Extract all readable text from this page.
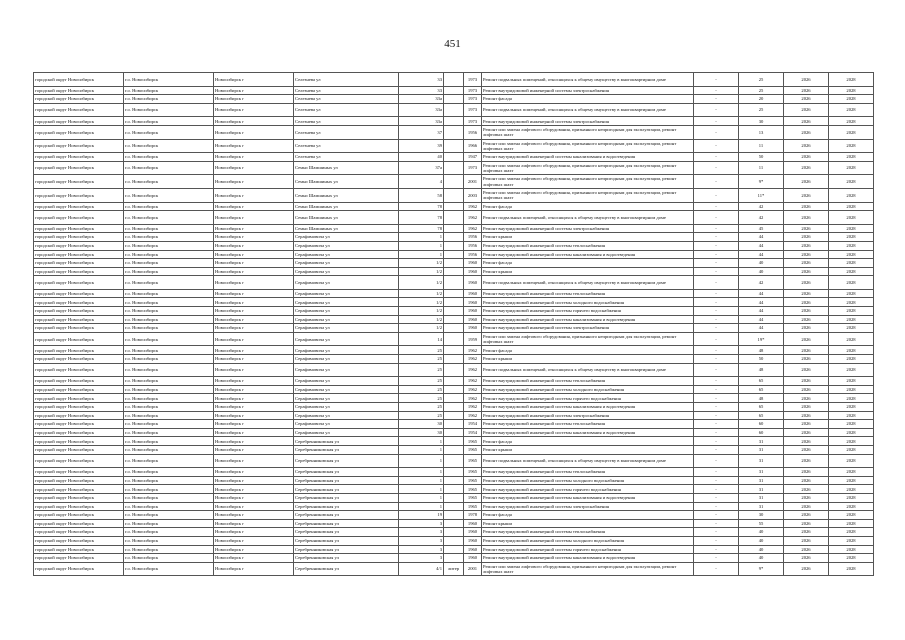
451
городской округ Новосибирск	г.о. Новосибирск	Новосибирск г	Селезнева ул	33		1973	Ремонт подвальных помещений, относящихся к общему имуществу в многоквартирном доме	-	25	2026	2028
городской округ Новосибирск	г.о. Новосибирск	Новосибирск г	Селезнева ул	33		1973	Ремонт внутридомовой инженерной системы электроснабжения	-	25	2026	2028
городской округ Новосибирск	г.о. Новосибирск	Новосибирск г	Селезнева ул	33а		1973	Ремонт фасада	-	20	2026	2028
городской округ Новосибирск	г.о. Новосибирск	Новосибирск г	Селезнева ул	33а		1973	Ремонт подвальных помещений, относящихся к общему имуществу в многоквартирном доме	-	25	2026	2028
городской округ Новосибирск	г.о. Новосибирск	Новосибирск г	Селезнева ул	33а		1973	Ремонт внутридомовой инженерной системы электроснабжения	-	30	2026	2028
городской округ Новосибирск	г.о. Новосибирск	Новосибирск г	Селезнева ул	37		1956	Ремонт или замена лифтового оборудования, признанного непригодным для эксплуатации, ремонт лифтовых шахт	-	13	2026	2028
городской округ Новосибирск	г.о. Новосибирск	Новосибирск г	Селезнева ул	39		1966	Ремонт или замена лифтового оборудования, признанного непригодным для эксплуатации, ремонт лифтовых шахт	-	11	2026	2028
городской округ Новосибирск	г.о. Новосибирск	Новосибирск г	Селезнева ул	40		1947	Ремонт внутридомовой инженерной системы канализования и водоотведения	-	50	2026	2028
городской округ Новосибирск	г.о. Новосибирск	Новосибирск г	Семьи Шамшиных ул	37а		1973	Ремонт или замена лифтового оборудования, признанного непригодным для эксплуатации, ремонт лифтовых шахт	-	11	2026	2028
городской округ Новосибирск	г.о. Новосибирск	Новосибирск г	Семьи Шамшиных ул	4		2001	Ремонт или замена лифтового оборудования, признанного непригодным для эксплуатации, ремонт лифтовых шахт	-	9*	2026	2028
городской округ Новосибирск	г.о. Новосибирск	Новосибирск г	Семьи Шамшиных ул	58		2003	Ремонт или замена лифтового оборудования, признанного непригодным для эксплуатации, ремонт лифтовых шахт	-	11*	2026	2028
городской округ Новосибирск	г.о. Новосибирск	Новосибирск г	Семьи Шамшиных ул	78		1962	Ремонт фасада	-	42	2026	2028
городской округ Новосибирск	г.о. Новосибирск	Новосибирск г	Семьи Шамшиных ул	78		1962	Ремонт подвальных помещений, относящихся к общему имуществу в многоквартирном доме	-	42	2026	2028
городской округ Новосибирск	г.о. Новосибирск	Новосибирск г	Семьи Шамшиных ул	78		1962	Ремонт внутридомовой инженерной системы электроснабжения	-	45	2026	2028
городской округ Новосибирск	г.о. Новосибирск	Новосибирск г	Серафимовича ул	1		1956	Ремонт крыши	-	44	2026	2028
городской округ Новосибирск	г.о. Новосибирск	Новосибирск г	Серафимовича ул	1		1956	Ремонт внутридомовой инженерной системы теплоснабжения	-	44	2026	2028
городской округ Новосибирск	г.о. Новосибирск	Новосибирск г	Серафимовича ул	1		1956	Ремонт внутридомовой инженерной системы канализования и водоотведения	-	44	2026	2028
городской округ Новосибирск	г.о. Новосибирск	Новосибирск г	Серафимовича ул	1/2		1960	Ремонт фасада	-	40	2026	2028
городской округ Новосибирск	г.о. Новосибирск	Новосибирск г	Серафимовича ул	1/2		1960	Ремонт крыши	-	40	2026	2028
городской округ Новосибирск	г.о. Новосибирск	Новосибирск г	Серафимовича ул	1/2		1960	Ремонт подвальных помещений, относящихся к общему имуществу в многоквартирном доме	-	42	2026	2028
городской округ Новосибирск	г.о. Новосибирск	Новосибирск г	Серафимовича ул	1/2		1960	Ремонт внутридомовой инженерной системы теплоснабжения	-	44	2026	2028
городской округ Новосибирск	г.о. Новосибирск	Новосибирск г	Серафимовича ул	1/2		1960	Ремонт внутридомовой инженерной системы холодного водоснабжения	-	44	2026	2028
городской округ Новосибирск	г.о. Новосибирск	Новосибирск г	Серафимовича ул	1/2		1960	Ремонт внутридомовой инженерной системы горячего водоснабжения	-	44	2026	2028
городской округ Новосибирск	г.о. Новосибирск	Новосибирск г	Серафимовича ул	1/2		1960	Ремонт внутридомовой инженерной системы канализования и водоотведения	-	44	2026	2028
городской округ Новосибирск	г.о. Новосибирск	Новосибирск г	Серафимовича ул	1/2		1960	Ремонт внутридомовой инженерной системы электроснабжения	-	44	2026	2028
городской округ Новосибирск	г.о. Новосибирск	Новосибирск г	Серафимовича ул	14		1959	Ремонт или замена лифтового оборудования, признанного непригодным для эксплуатации, ремонт лифтовых шахт	-	19*	2026	2028
городской округ Новосибирск	г.о. Новосибирск	Новосибирск г	Серафимовича ул	25		1962	Ремонт фасада	-	48	2026	2028
городской округ Новосибирск	г.о. Новосибирск	Новосибирск г	Серафимовича ул	25		1962	Ремонт крыши	-	50	2026	2028
городской округ Новосибирск	г.о. Новосибирск	Новосибирск г	Серафимовича ул	25		1962	Ремонт подвальных помещений, относящихся к общему имуществу в многоквартирном доме	-	48	2026	2028
городской округ Новосибирск	г.о. Новосибирск	Новосибирск г	Серафимовича ул	25		1962	Ремонт внутридомовой инженерной системы теплоснабжения	-	65	2026	2028
городской округ Новосибирск	г.о. Новосибирск	Новосибирск г	Серафимовича ул	25		1962	Ремонт внутридомовой инженерной системы холодного водоснабжения	-	65	2026	2028
городской округ Новосибирск	г.о. Новосибирск	Новосибирск г	Серафимовича ул	25		1962	Ремонт внутридомовой инженерной системы горячего водоснабжения	-	48	2026	2028
городской округ Новосибирск	г.о. Новосибирск	Новосибирск г	Серафимовича ул	25		1962	Ремонт внутридомовой инженерной системы канализования и водоотведения	-	65	2026	2028
городской округ Новосибирск	г.о. Новосибирск	Новосибирск г	Серафимовича ул	25		1962	Ремонт внутридомовой инженерной системы электроснабжения	-	65	2026	2028
городской округ Новосибирск	г.о. Новосибирск	Новосибирск г	Серафимовича ул	30		1954	Ремонт внутридомовой инженерной системы теплоснабжения	-	60	2026	2028
городской округ Новосибирск	г.о. Новосибирск	Новосибирск г	Серафимовича ул	30		1954	Ремонт внутридомовой инженерной системы канализования и водоотведения	-	60	2026	2028
городской округ Новосибирск	г.о. Новосибирск	Новосибирск г	Серебренниковская ул	1		1965	Ремонт фасада	-	31	2026	2028
городской округ Новосибирск	г.о. Новосибирск	Новосибирск г	Серебренниковская ул	1		1965	Ремонт крыши	-	31	2026	2028
городской округ Новосибирск	г.о. Новосибирск	Новосибирск г	Серебренниковская ул	1		1965	Ремонт подвальных помещений, относящихся к общему имуществу в многоквартирном доме	-	31	2026	2028
городской округ Новосибирск	г.о. Новосибирск	Новосибирск г	Серебренниковская ул	1		1965	Ремонт внутридомовой инженерной системы теплоснабжения	-	31	2026	2028
городской округ Новосибирск	г.о. Новосибирск	Новосибирск г	Серебренниковская ул	1		1965	Ремонт внутридомовой инженерной системы холодного водоснабжения	-	31	2026	2028
городской округ Новосибирск	г.о. Новосибирск	Новосибирск г	Серебренниковская ул	1		1965	Ремонт внутридомовой инженерной системы горячего водоснабжения	-	31	2026	2028
городской округ Новосибирск	г.о. Новосибирск	Новосибирск г	Серебренниковская ул	1		1965	Ремонт внутридомовой инженерной системы канализования и водоотведения	-	31	2026	2028
городской округ Новосибирск	г.о. Новосибирск	Новосибирск г	Серебренниковская ул	1		1965	Ремонт внутридомовой инженерной системы электроснабжения	-	31	2026	2028
городской округ Новосибирск	г.о. Новосибирск	Новосибирск г	Серебренниковская ул	19		1978	Ремонт фасада	-	30	2026	2028
городской округ Новосибирск	г.о. Новосибирск	Новосибирск г	Серебренниковская ул	3		1960	Ремонт крыши	-	55	2026	2028
городской округ Новосибирск	г.о. Новосибирск	Новосибирск г	Серебренниковская ул	3		1960	Ремонт внутридомовой инженерной системы теплоснабжения	-	40	2026	2028
городской округ Новосибирск	г.о. Новосибирск	Новосибирск г	Серебренниковская ул	3		1960	Ремонт внутридомовой инженерной системы холодного водоснабжения	-	40	2026	2028
городской округ Новосибирск	г.о. Новосибирск	Новосибирск г	Серебренниковская ул	3		1960	Ремонт внутридомовой инженерной системы горячего водоснабжения	-	40	2026	2028
городской округ Новосибирск	г.о. Новосибирск	Новосибирск г	Серебренниковская ул	3		1960	Ремонт внутридомовой инженерной системы канализования и водоотведения	-	40	2026	2028
городской округ Новосибирск	г.о. Новосибирск	Новосибирск г	Серебренниковская ул	4/1	литер	2001	Ремонт или замена лифтового оборудования, признанного непригодным для эксплуатации, ремонт лифтовых шахт	-	9*	2026	2028
